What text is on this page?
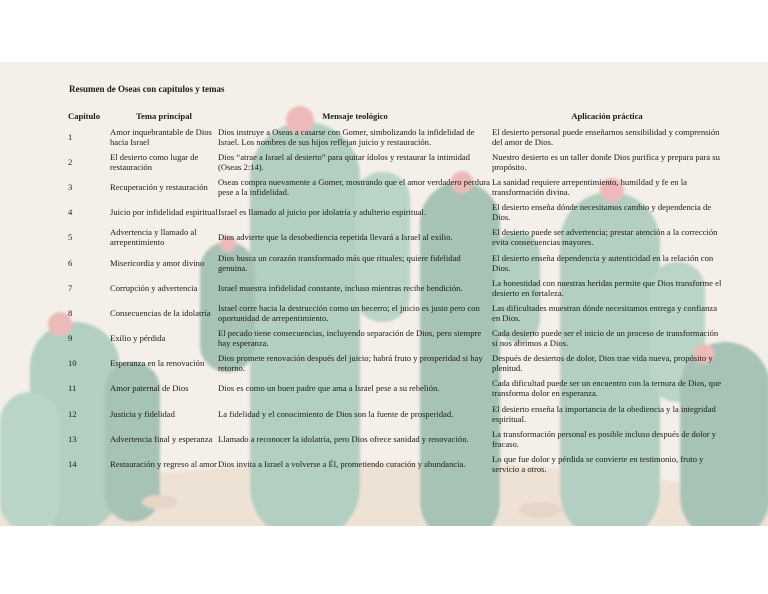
Resumen de Oseas con capítulos y temas
Capítulo	Tema principal	Mensaje teológico	Aplicación práctica
1	Amor inquebrantable de Dios hacia Israel	Dios instruye a Oseas a casarse con Gomer, simbolizando la infidelidad de Israel. Los nombres de sus hijos reflejan juicio y restauración.	El desierto personal puede enseñarnos sensibilidad y comprensión del amor de Dios.
2	El desierto como lugar de restauración	Dios “atrae a Israel al desierto” para quitar ídolos y restaurar la intimidad (Oseas 2:14).	Nuestro desierto es un taller donde Dios purifica y prepara para su propósito.
3	Recuperación y restauración	Oseas compra nuevamente a Gomer, mostrando que el amor verdadero perdura pese a la infidelidad.	La sanidad requiere arrepentimiento, humildad y fe en la transformación divina.
4	Juicio por infidelidad espiritual	Israel es llamado al juicio por idolatría y adulterio espiritual.	El desierto enseña dónde necesitamos cambio y dependencia de Dios.
5	Advertencia y llamado al arrepentimiento	Dios advierte que la desobediencia repetida llevará a Israel al exilio.	El desierto puede ser advertencia; prestar atención a la corrección evita consecuencias mayores.
6	Misericordia y amor divino	Dios busca un corazón transformado más que rituales; quiere fidelidad genuina.	El desierto enseña dependencia y autenticidad en la relación con Dios.
7	Corrupción y advertencia	Israel muestra infidelidad constante, incluso mientras recibe bendición.	La honestidad con nuestras heridas permite que Dios transforme el desierto en fortaleza.
8	Consecuencias de la idolatría	Israel corre hacia la destrucción como un becerro; el juicio es justo pero con oportunidad de arrepentimiento.	Las dificultades muestran dónde necesitamos entrega y confianza en Dios.
9	Exilio y pérdida	El pecado tiene consecuencias, incluyendo separación de Dios, pero siempre hay esperanza.	Cada desierto puede ser el inicio de un proceso de transformación si nos abrimos a Dios.
10	Esperanza en la renovación	Dios promete renovación después del juicio; habrá fruto y prosperidad si hay retorno.	Después de desiertos de dolor, Dios trae vida nueva, propósito y plenitud.
11	Amor paternal de Dios	Dios es como un buen padre que ama a Israel pese a su rebelión.	Cada dificultad puede ser un encuentro con la ternura de Dios, que transforma dolor en esperanza.
12	Justicia y fidelidad	La fidelidad y el conocimiento de Dios son la fuente de prosperidad.	El desierto enseña la importancia de la obediencia y la integridad espiritual.
13	Advertencia final y esperanza	Llamado a reconocer la idolatría, pero Dios ofrece sanidad y renovación.	La transformación personal es posible incluso después de dolor y fracaso.
14	Restauración y regreso al amor	Dios invita a Israel a volverse a Él, prometiendo curación y abundancia.	Lo que fue dolor y pérdida se convierte en testimonio, fruto y servicio a otros.
